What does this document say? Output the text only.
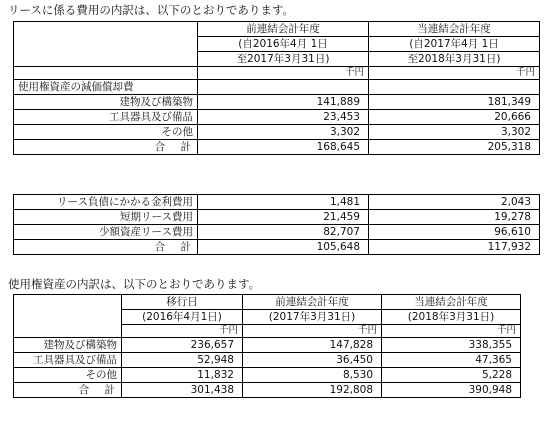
リースに係る費用の内訳は、以下のとおりであります。
	前連結会計年度	当連結会計年度
	(自2016年4月 1日	(自2017年4月 1日
	至2017年3月31日)	至2018年3月31日)
	千円	千円
使用権資産の減価償却費		
建物及び構築物	141,889	181,349
工具器具及び備品	23,453	20,666
その他	3,302	3,302
合 計	168,645	205,318
リース負債にかかる金利費用	1,481	2,043
短期リース費用	21,459	19,278
少額資産リース費用	82,707	96,610
合 計	105,648	117,932
使用権資産の内訳は、以下のとおりであります。
	移行日	前連結会計年度	当連結会計年度
	(2016年4月1日)	(2017年3月31日)	(2018年3月31日)
	千円	千円	千円
建物及び構築物	236,657	147,828	338,355
工具器具及び備品	52,948	36,450	47,365
その他	11,832	8,530	5,228
合 計	301,438	192,808	390,948
